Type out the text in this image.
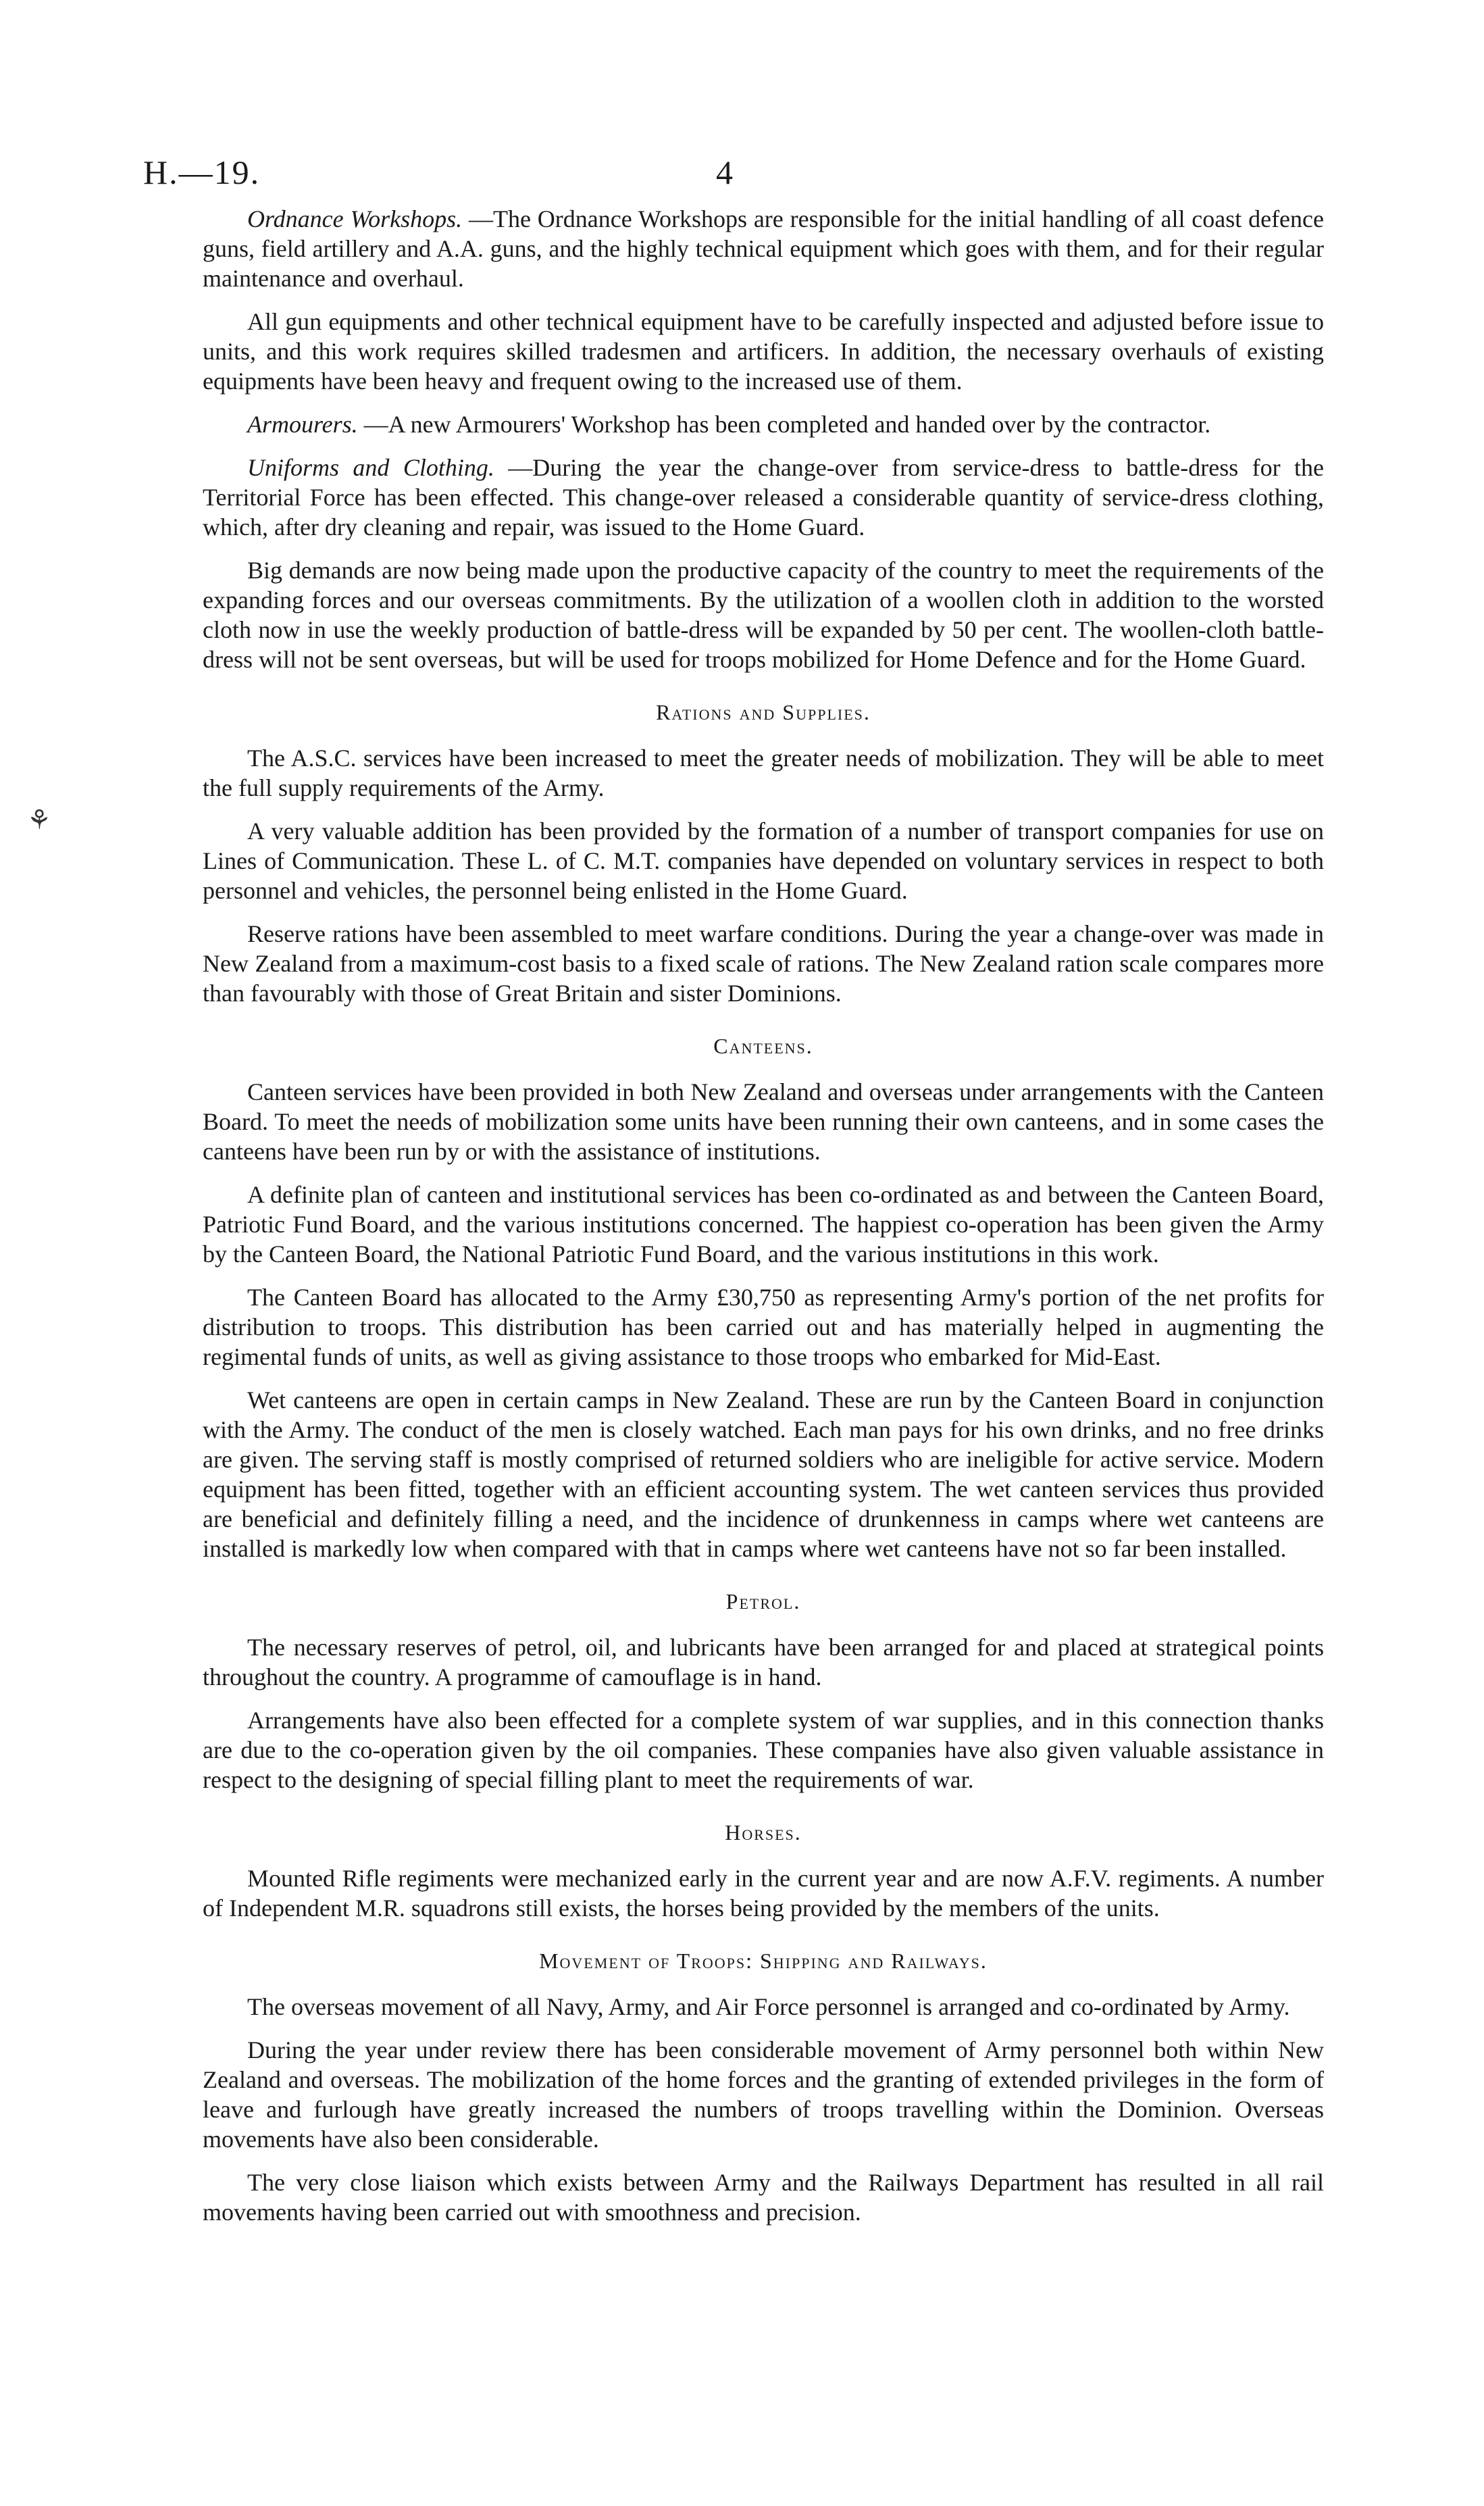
H.—19.	4
⚘

Ordnance Workshops. —The Ordnance Workshops are responsible for the initial handling of all coast defence guns, field artillery and A.A. guns, and the highly technical equipment which goes with them, and for their regular maintenance and overhaul.

All gun equipments and other technical equipment have to be carefully inspected and adjusted before issue to units, and this work requires skilled tradesmen and artificers. In addition, the necessary overhauls of existing equipments have been heavy and frequent owing to the increased use of them.

Armourers. —A new Armourers' Workshop has been completed and handed over by the contractor.

Uniforms and Clothing. —During the year the change-over from service-dress to battle-dress for the Territorial Force has been effected. This change-over released a considerable quantity of service-dress clothing, which, after dry cleaning and repair, was issued to the Home Guard.

Big demands are now being made upon the productive capacity of the country to meet the requirements of the expanding forces and our overseas commitments. By the utilization of a woollen cloth in addition to the worsted cloth now in use the weekly production of battle-dress will be expanded by 50 per cent. The woollen-cloth battle-dress will not be sent overseas, but will be used for troops mobilized for Home Defence and for the Home Guard.

Rations and Supplies.

The A.S.C. services have been increased to meet the greater needs of mobilization. They will be able to meet the full supply requirements of the Army.

A very valuable addition has been provided by the formation of a number of transport companies for use on Lines of Communication. These L. of C. M.T. companies have depended on voluntary services in respect to both personnel and vehicles, the personnel being enlisted in the Home Guard.

Reserve rations have been assembled to meet warfare conditions. During the year a change-over was made in New Zealand from a maximum-cost basis to a fixed scale of rations. The New Zealand ration scale compares more than favourably with those of Great Britain and sister Dominions.

Canteens.

Canteen services have been provided in both New Zealand and overseas under arrangements with the Canteen Board. To meet the needs of mobilization some units have been running their own canteens, and in some cases the canteens have been run by or with the assistance of institutions.

A definite plan of canteen and institutional services has been co-ordinated as and between the Canteen Board, Patriotic Fund Board, and the various institutions concerned. The happiest co-operation has been given the Army by the Canteen Board, the National Patriotic Fund Board, and the various institutions in this work.

The Canteen Board has allocated to the Army £30,750 as representing Army's portion of the net profits for distribution to troops. This distribution has been carried out and has materially helped in augmenting the regimental funds of units, as well as giving assistance to those troops who embarked for Mid-East.

Wet canteens are open in certain camps in New Zealand. These are run by the Canteen Board in conjunction with the Army. The conduct of the men is closely watched. Each man pays for his own drinks, and no free drinks are given. The serving staff is mostly comprised of returned soldiers who are ineligible for active service. Modern equipment has been fitted, together with an efficient accounting system. The wet canteen services thus provided are beneficial and definitely filling a need, and the incidence of drunkenness in camps where wet canteens are installed is markedly low when compared with that in camps where wet canteens have not so far been installed.

Petrol.

The necessary reserves of petrol, oil, and lubricants have been arranged for and placed at strategical points throughout the country. A programme of camouflage is in hand.

Arrangements have also been effected for a complete system of war supplies, and in this connection thanks are due to the co-operation given by the oil companies. These companies have also given valuable assistance in respect to the designing of special filling plant to meet the requirements of war.

Horses.

Mounted Rifle regiments were mechanized early in the current year and are now A.F.V. regiments. A number of Independent M.R. squadrons still exists, the horses being provided by the members of the units.

Movement of Troops: Shipping and Railways.

The overseas movement of all Navy, Army, and Air Force personnel is arranged and co-ordinated by Army.

During the year under review there has been considerable movement of Army personnel both within New Zealand and overseas. The mobilization of the home forces and the granting of extended privileges in the form of leave and furlough have greatly increased the numbers of troops travelling within the Dominion. Overseas movements have also been considerable.

The very close liaison which exists between Army and the Railways Department has resulted in all rail movements having been carried out with smoothness and precision.
